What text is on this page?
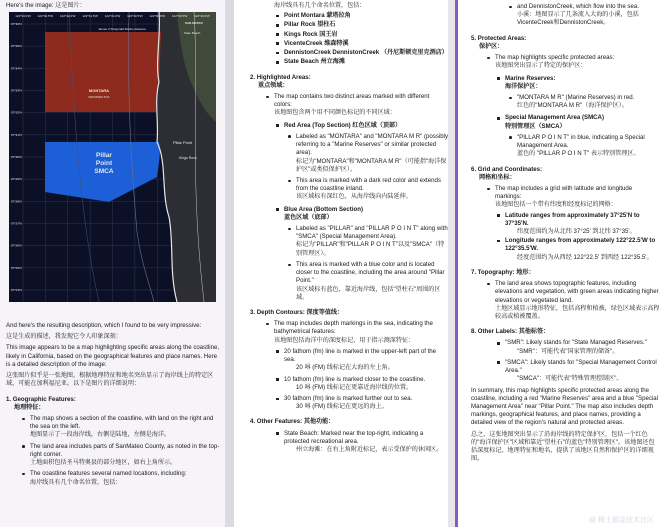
Here's the image: 这是图片：
122°33.0'W 122°32.5'W 122°32.0'W 122°31.5'W 122°31.0'W 122°30.5'W 122°30.0'W 122°29.5'W 122°29.0'W
37°36'N
37°35'N
37°34'N
37°33'N
37°32'N
37°31'N
37°30'N
37°29'N
37°28'N
37°27'N
37°26'N
37°25'N
37°24'N
MONTARA
MONTARA M R
Pillar
Point
SMCA
James V Fitzgerald Marine Reserve
Pillar Point
Kings Rock
State Beach
SAN MATEO
And here's the resulting description, which I found to be very impressive:
这是生成的描述，我发现它令人印象深刻：
This image appears to be a map highlighting specific areas along the coastline, likely in California, based on the geographical features and place names. Here is a detailed description of the image:
这张图片似乎是一张地图，根据地理特征和地名突出显示了海岸线上的特定区域，可能在加利福尼亚。以下是图片的详细说明：
1. Geographic Features:
地理特征：
The map shows a section of the coastline, with land on the right and the sea on the left.
地图显示了一段海岸线，右侧是陆地，左侧是海洋。
The land area includes parts of SanMateo County, as noted in the top-right corner.
土地面积包括圣马特奥县的部分地区，如右上角所示。
The coastline features several named locations, including:
海岸线具有几个命名位置，包括：
海岸线具有几个命名位置，包括：
Point Montara 蒙塔拉角
Pillar Rock 望柱石
Kings Rock 国王岩
VicenteCreek 维森特溪
DennistonCreek DennistonCreek （丹尼斯顿克里克酒店）
State Beach 州立海滩
2. Highlighted Areas:
重点领域：
The map contains two distinct areas marked with different colors:
该地图包含两个用不同颜色标记的不同区域：
Red Area (Top Section) 红色区域（顶部）
Labeled as "MONTARA" and "MONTARA M R" (possibly referring to a "Marine Reserves" or similar protected area).
标记为"MONTARA"和"MONTARA M R"（可能指"海洋保护区"或类似保护区）。
This area is marked with a dark red color and extends from the coastline inland.
该区域标有深红色，从海岸线向内陆延伸。
Blue Area (Bottom Section)
蓝色区域（底部）
Labeled as "PILLAR" and "PILLAR P O I N T" along with "SMCA" (Special Management Area).
标记为"PILLAR"和"PILLAR P O I N T"以及"SMCA"（特别管理区）。
This area is marked with a blue color and is located closer to the coastline, including the area around "Pillar Point."
该区域标有蓝色，靠近海岸线，包括"望柱石"周围的区域。
3. Depth Contours: 深度等值线：
The map includes depth markings in the sea, indicating the bathymetrical features:
该地图包括海洋中的深度标记，用于指示测深特征：
20 fathom (fm) line is marked in the upper-left part of the sea.
20 噚 (FM) 线标记在大海的左上角。
10 fathom (fm) line is marked closer to the coastline.
10 噚 (FM) 线标记在更靠近海岸线的位置。
30 fathom (fm) line is marked further out to sea.
30 噚 (FM) 线标记在更远的海上。
4. Other Features: 其他功能：
State Beach: Marked near the top-right, indicating a protected recreational area.
州立海滩：在右上角附近标记，表示受保护的休闲区。
and DennistonCreek, which flow into the sea.
小溪：地图显示了几条流入大海的小溪，包括VicenteCreek和DennistonCreek。
5. Protected Areas:
保护区：
The map highlights specific protected areas:
该地图突出显示了特定的保护区：
Marine Reserves:
海洋保护区：
"MONTARA M R" (Marine Reserves) in red.
红色的"MONTARA M R"（海洋保护区）。
Special Management Area (SMCA)
特别管理区（SMCA）
"PILLAR P O I N T" in blue, indicating a Special Management Area.
蓝色的 "PILLAR P O I N T" 表示特别管理区。
6. Grid and Coordinates:
网格和坐标：
The map includes a grid with latitude and longitude markings:
该地图包括一个带有纬度和经度标记的网格：
Latitude ranges from approximately 37°25'N to 37°35'N.
纬度范围约为从北纬 37°25' 到北纬 37°35'。
Longitude ranges from approximately 122°22.5'W to 122°35.5'W.
经度范围约为从西经 122°22.5' 到西经 122°35.5'。
7. Topography: 地形：
The land area shows topographic features, including elevations and vegetation, with green areas indicating higher elevations or vegetated land.
土地区域显示地形特征，包括高程和植被，绿色区域表示高程较高或植被覆盖。
8. Other Labels: 其他标签：
"SMR": Likely stands for "State Managed Reserves."
"SMR"：可能代表"国家管理的储备"。
"SMCA": Likely stands for "Special Management Control Area."
"SMCA"：可能代表"特殊管理控制区"。
In summary, this map highlights specific protected areas along the coastline, including a red "Marine Reserves" area and a blue "Special Management Area" near "Pillar Point." The map also includes depth markings, geographical features, and place names, providing a detailed view of the region's natural and protected areas.
总之，这张地图突出显示了沿海岸线的特定保护区，包括一个红色的"海洋保护区"区域和靠近"望柱石"的蓝色"特别管理区"。该地图还包括深度标记、地理特征和地名，提供了该地区自然和保护区的详细视图。
@ 稀土掘金技术社区
